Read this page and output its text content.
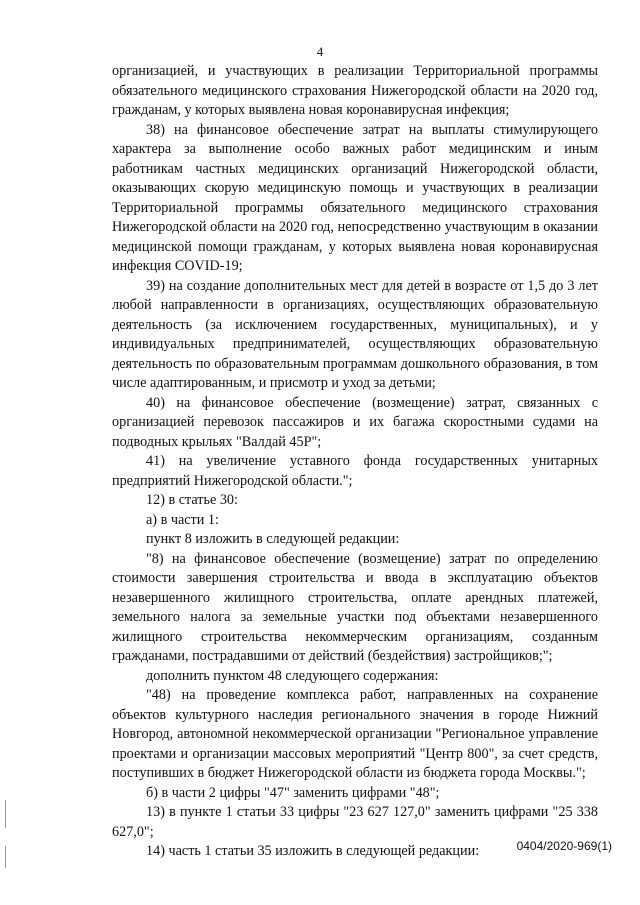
4

организацией, и участвующих в реализации Территориальной программы обязательного медицинского страхования Нижегородской области на 2020 год, гражданам, у которых выявлена новая коронавирусная инфекция;

38) на финансовое обеспечение затрат на выплаты стимулирующего характера за выполнение особо важных работ медицинским и иным работникам частных медицинских организаций Нижегородской области, оказывающих скорую медицинскую помощь и участвующих в реализации Территориальной программы обязательного медицинского страхования Нижегородской области на 2020 год, непосредственно участвующим в оказании медицинской помощи гражданам, у которых выявлена новая коронавирусная инфекция COVID-19;

39) на создание дополнительных мест для детей в возрасте от 1,5 до 3 лет любой направленности в организациях, осуществляющих образовательную деятельность (за исключением государственных, муниципальных), и у индивидуальных предпринимателей, осуществляющих образовательную деятельность по образовательным программам дошкольного образования, в том числе адаптированным, и присмотр и уход за детьми;

40) на финансовое обеспечение (возмещение) затрат, связанных с организацией перевозок пассажиров и их багажа скоростными судами на подводных крыльях "Валдай 45Р";

41) на увеличение уставного фонда государственных унитарных предприятий Нижегородской области.";

12) в статье 30:

а) в части 1:

пункт 8 изложить в следующей редакции:

"8) на финансовое обеспечение (возмещение) затрат по определению стоимости завершения строительства и ввода в эксплуатацию объектов незавершенного жилищного строительства, оплате арендных платежей, земельного налога за земельные участки под объектами незавершенного жилищного строительства некоммерческим организациям, созданным гражданами, пострадавшими от действий (бездействия) застройщиков;";

дополнить пунктом 48 следующего содержания:

"48) на проведение комплекса работ, направленных на сохранение объектов культурного наследия регионального значения в городе Нижний Новгород, автономной некоммерческой организации "Региональное управление проектами и организации массовых мероприятий "Центр 800", за счет средств, поступивших в бюджет Нижегородской области из бюджета города Москвы.";

б) в части 2 цифры "47" заменить цифрами "48";

13) в пункте 1 статьи 33 цифры "23 627 127,0" заменить цифрами "25 338 627,0";

14) часть 1 статьи 35 изложить в следующей редакции:	0404/2020-969(1)
